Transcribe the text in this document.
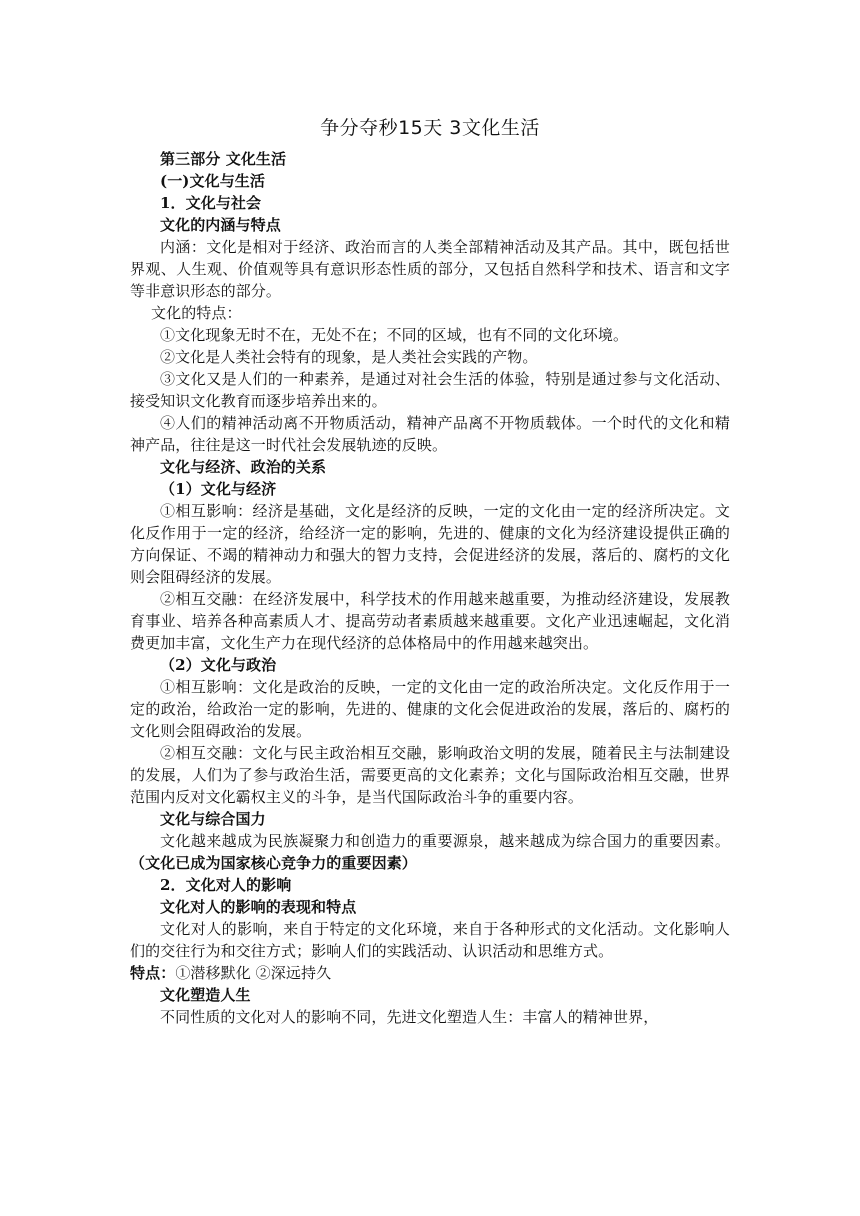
争分夺秒15天 3文化生活

第三部分 文化生活

(一)文化与生活

1．文化与社会

文化的内涵与特点

内涵：文化是相对于经济、政治而言的人类全部精神活动及其产品。其中，既包括世界观、人生观、价值观等具有意识形态性质的部分，又包括自然科学和技术、语言和文字等非意识形态的部分。

文化的特点：

①文化现象无时不在，无处不在；不同的区域，也有不同的文化环境。

②文化是人类社会特有的现象，是人类社会实践的产物。

③文化又是人们的一种素养，是通过对社会生活的体验，特别是通过参与文化活动、接受知识文化教育而逐步培养出来的。

④人们的精神活动离不开物质活动，精神产品离不开物质载体。一个时代的文化和精神产品，往往是这一时代社会发展轨迹的反映。

文化与经济、政治的关系

（1）文化与经济

①相互影响：经济是基础，文化是经济的反映，一定的文化由一定的经济所决定。文化反作用于一定的经济，给经济一定的影响，先进的、健康的文化为经济建设提供正确的方向保证、不竭的精神动力和强大的智力支持，会促进经济的发展，落后的、腐朽的文化则会阻碍经济的发展。

②相互交融：在经济发展中，科学技术的作用越来越重要，为推动经济建设，发展教育事业、培养各种高素质人才、提高劳动者素质越来越重要。文化产业迅速崛起，文化消费更加丰富，文化生产力在现代经济的总体格局中的作用越来越突出。

（2）文化与政治

①相互影响：文化是政治的反映，一定的文化由一定的政治所决定。文化反作用于一定的政治，给政治一定的影响，先进的、健康的文化会促进政治的发展，落后的、腐朽的文化则会阻碍政治的发展。

②相互交融：文化与民主政治相互交融，影响政治文明的发展，随着民主与法制建设的发展，人们为了参与政治生活，需要更高的文化素养；文化与国际政治相互交融，世界范围内反对文化霸权主义的斗争，是当代国际政治斗争的重要内容。

文化与综合国力

文化越来越成为民族凝聚力和创造力的重要源泉，越来越成为综合国力的重要因素。（文化已成为国家核心竞争力的重要因素）

2．文化对人的影响

文化对人的影响的表现和特点

文化对人的影响，来自于特定的文化环境，来自于各种形式的文化活动。文化影响人们的交往行为和交往方式；影响人们的实践活动、认识活动和思维方式。

特点：①潜移默化 ②深远持久

文化塑造人生

不同性质的文化对人的影响不同，先进文化塑造人生：丰富人的精神世界，
